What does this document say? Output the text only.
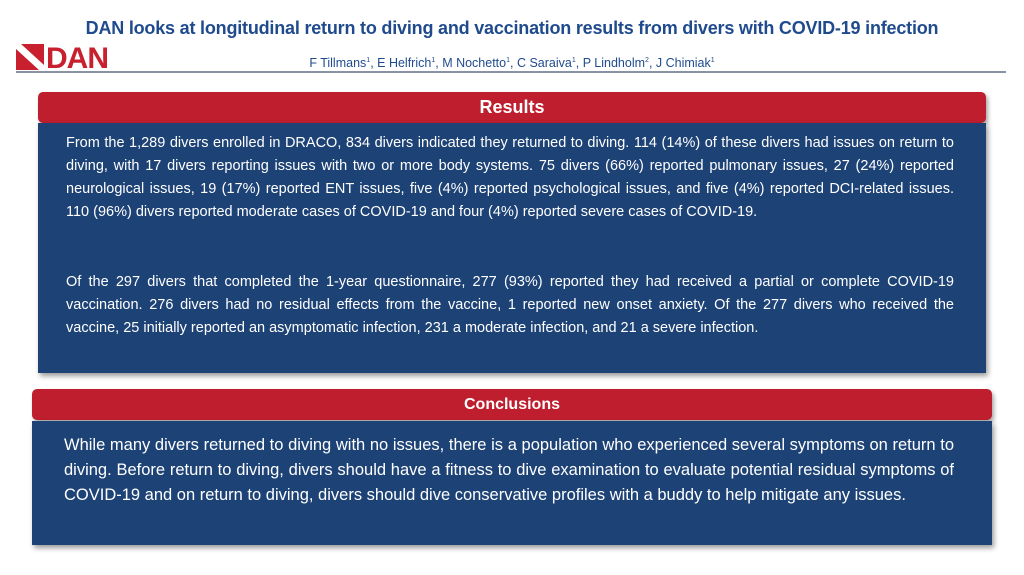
DAN looks at longitudinal return to diving and vaccination results from divers with COVID-19 infection
DAN	F Tillmans$^1$, E Helfrich$^1$, M Nochetto$^1$, C Saraiva$^1$, P Lindholm$^2$, J Chimiak$^1$
Results

From the 1,289 divers enrolled in DRACO, 834 divers indicated they returned to diving. 114 (14%) of these divers had issues on return to diving, with 17 divers reporting issues with two or more body systems. 75 divers (66%) reported pulmonary issues, 27 (24%) reported neurological issues, 19 (17%) reported ENT issues, five (4%) reported psychological issues, and five (4%) reported DCI-related issues. 110 (96%) divers reported moderate cases of COVID-19 and four (4%) reported severe cases of COVID-19.

Of the 297 divers that completed the 1-year questionnaire, 277 (93%) reported they had received a partial or complete COVID-19 vaccination. 276 divers had no residual effects from the vaccine, 1 reported new onset anxiety. Of the 277 divers who received the vaccine, 25 initially reported an asymptomatic infection, 231 a moderate infection, and 21 a severe infection.

Conclusions

While many divers returned to diving with no issues, there is a population who experienced several symptoms on return to diving. Before return to diving, divers should have a fitness to dive examination to evaluate potential residual symptoms of COVID-19 and on return to diving, divers should dive conservative profiles with a buddy to help mitigate any issues.
